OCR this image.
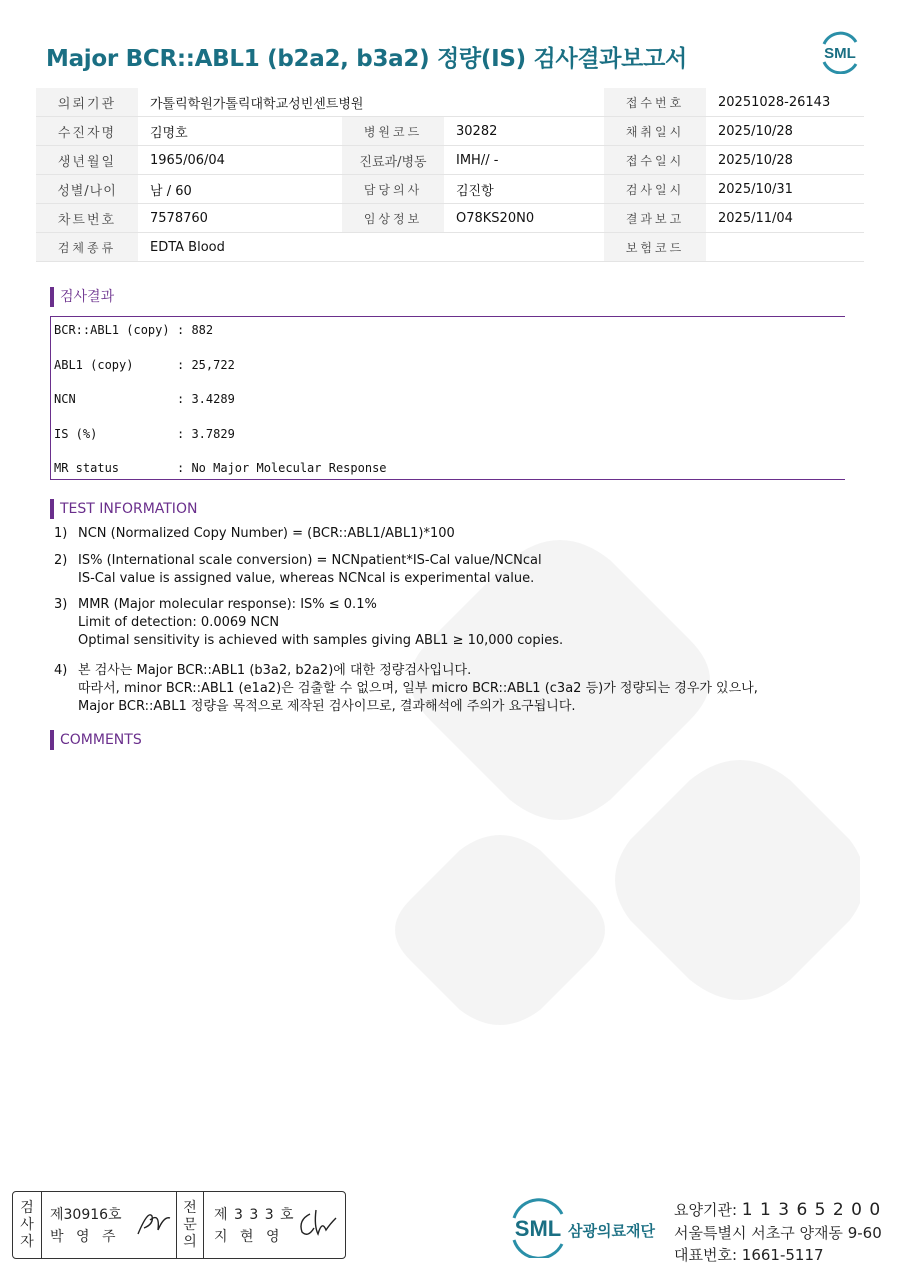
Major BCR::ABL1 (b2a2, b3a2) 정량(IS) 검사결과보고서	SML
의뢰기관	가톨릭학원가톨릭대학교성빈센트병원			접수번호	20251028-26143
수진자명	김명호	병원코드	30282	채취일시	2025/10/28
생년월일	1965/06/04	진료과/병동	IMH// -	접수일시	2025/10/28
성별/나이	남 / 60	담당의사	김진항	검사일시	2025/10/31
차트번호	7578760	임상정보	O78KS20N0	결과보고	2025/11/04
검체종류	EDTA Blood			보험코드	
검사결과
BCR::ABL1 (copy) : 882
ABL1 (copy)	: 25,722
NCN	: 3.4289
IS (%)	: 3.7829
MR status	: No Major Molecular Response
TEST INFORMATION
1) NCN (Normalized Copy Number) = (BCR::ABL1/ABL1)*100
2) IS% (International scale conversion) = NCNpatient*IS-Cal value/NCNcal
IS-Cal value is assigned value, whereas NCNcal is experimental value.
3) MMR (Major molecular response): IS% ≤ 0.1%
Limit of detection: 0.0069 NCN
Optimal sensitivity is achieved with samples giving ABL1 ≥ 10,000 copies.
4) 본 검사는 Major BCR::ABL1 (b3a2, b2a2)에 대한 정량검사입니다.
따라서, minor BCR::ABL1 (e1a2)은 검출할 수 없으며, 일부 micro BCR::ABL1 (c3a2 등)가 정량되는 경우가 있으나,
Major BCR::ABL1 정량을 목적으로 제작된 검사이므로, 결과해석에 주의가 요구됩니다.
COMMENTS
검
사
자
제30916호
박 영 주
전
문
의
제 3 3 3 호
지 현 영	SML 삼광의료재단
요양기관: 1 1 3 6 5 2 0 0
서울특별시 서초구 양재동 9-60
대표번호: 1661-5117
